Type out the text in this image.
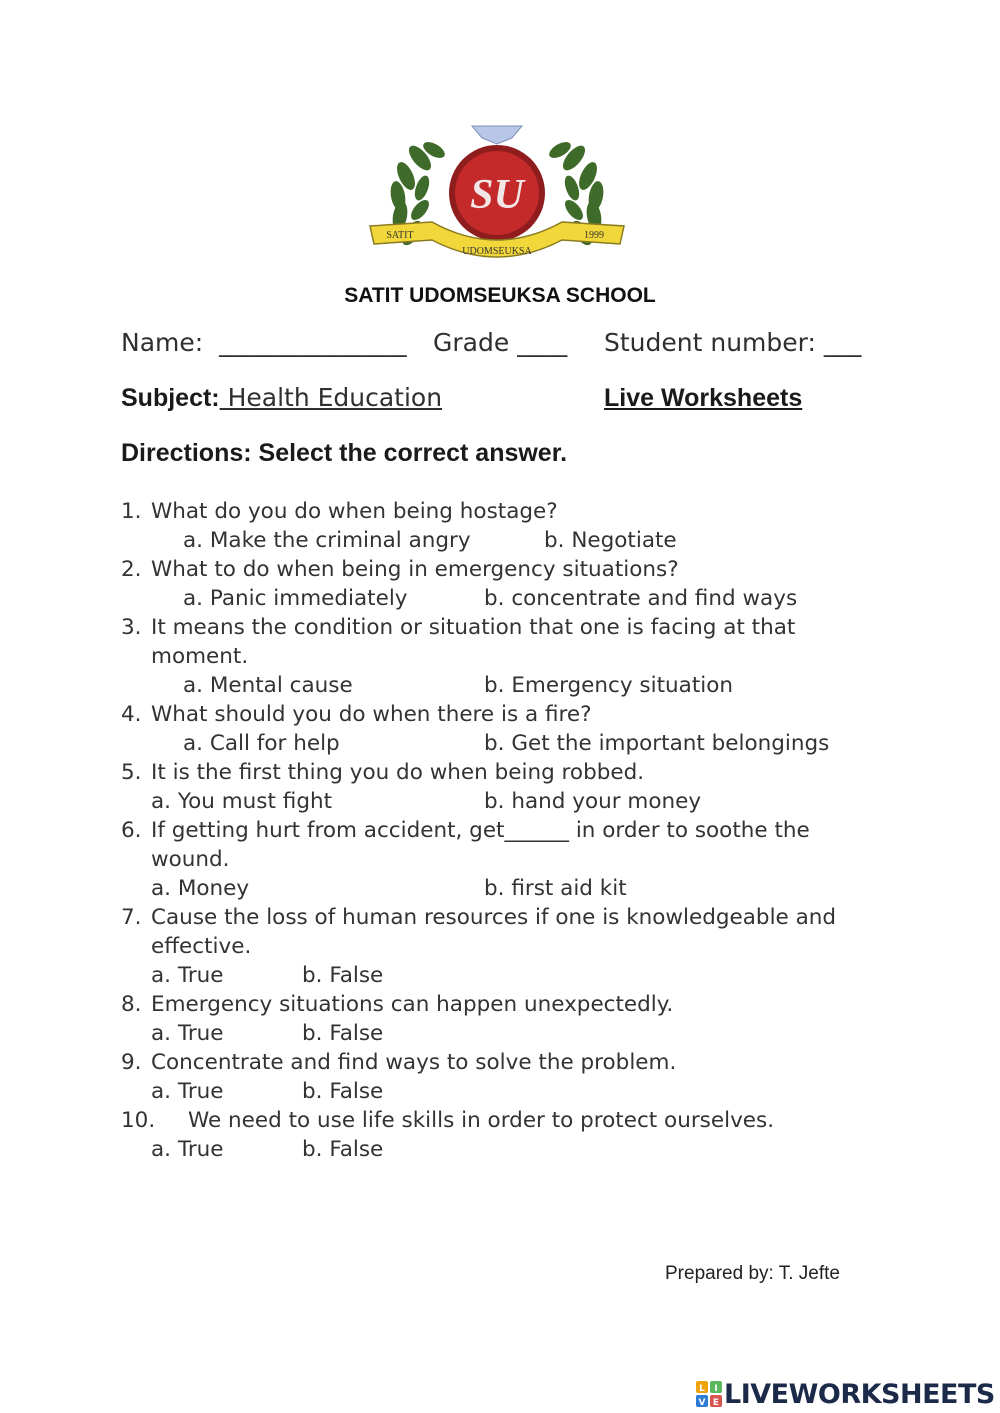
SU
SATIT
UDOMSEUKSA
1999
SATIT UDOMSEUKSA SCHOOL
Name: _______________ Grade ____ Student number: ___
Subject: Health Education	Live Worksheets
Directions: Select the correct answer.
1. What do you do when being hostage?
a. Make the criminal angry	b. Negotiate
2. What to do when being in emergency situations?
a. Panic immediately	b. concentrate and find ways
3. It means the condition or situation that one is facing at that
moment.
a. Mental cause	b. Emergency situation
4. What should you do when there is a fire?
a. Call for help	b. Get the important belongings
5. It is the first thing you do when being robbed.
a. You must fight	b. hand your money
6. If getting hurt from accident, get______ in order to soothe the
wound.
a. Money	b. first aid kit
7. Cause the loss of human resources if one is knowledgeable and
effective.
a. True	b. False
8. Emergency situations can happen unexpectedly.
a. True	b. False
9. Concentrate and find ways to solve the problem.
a. True	b. False
10. We need to use life skills in order to protect ourselves.
a. True	b. False
Prepared by: T. Jefte
L I
V E LIVEWORKSHEETS
